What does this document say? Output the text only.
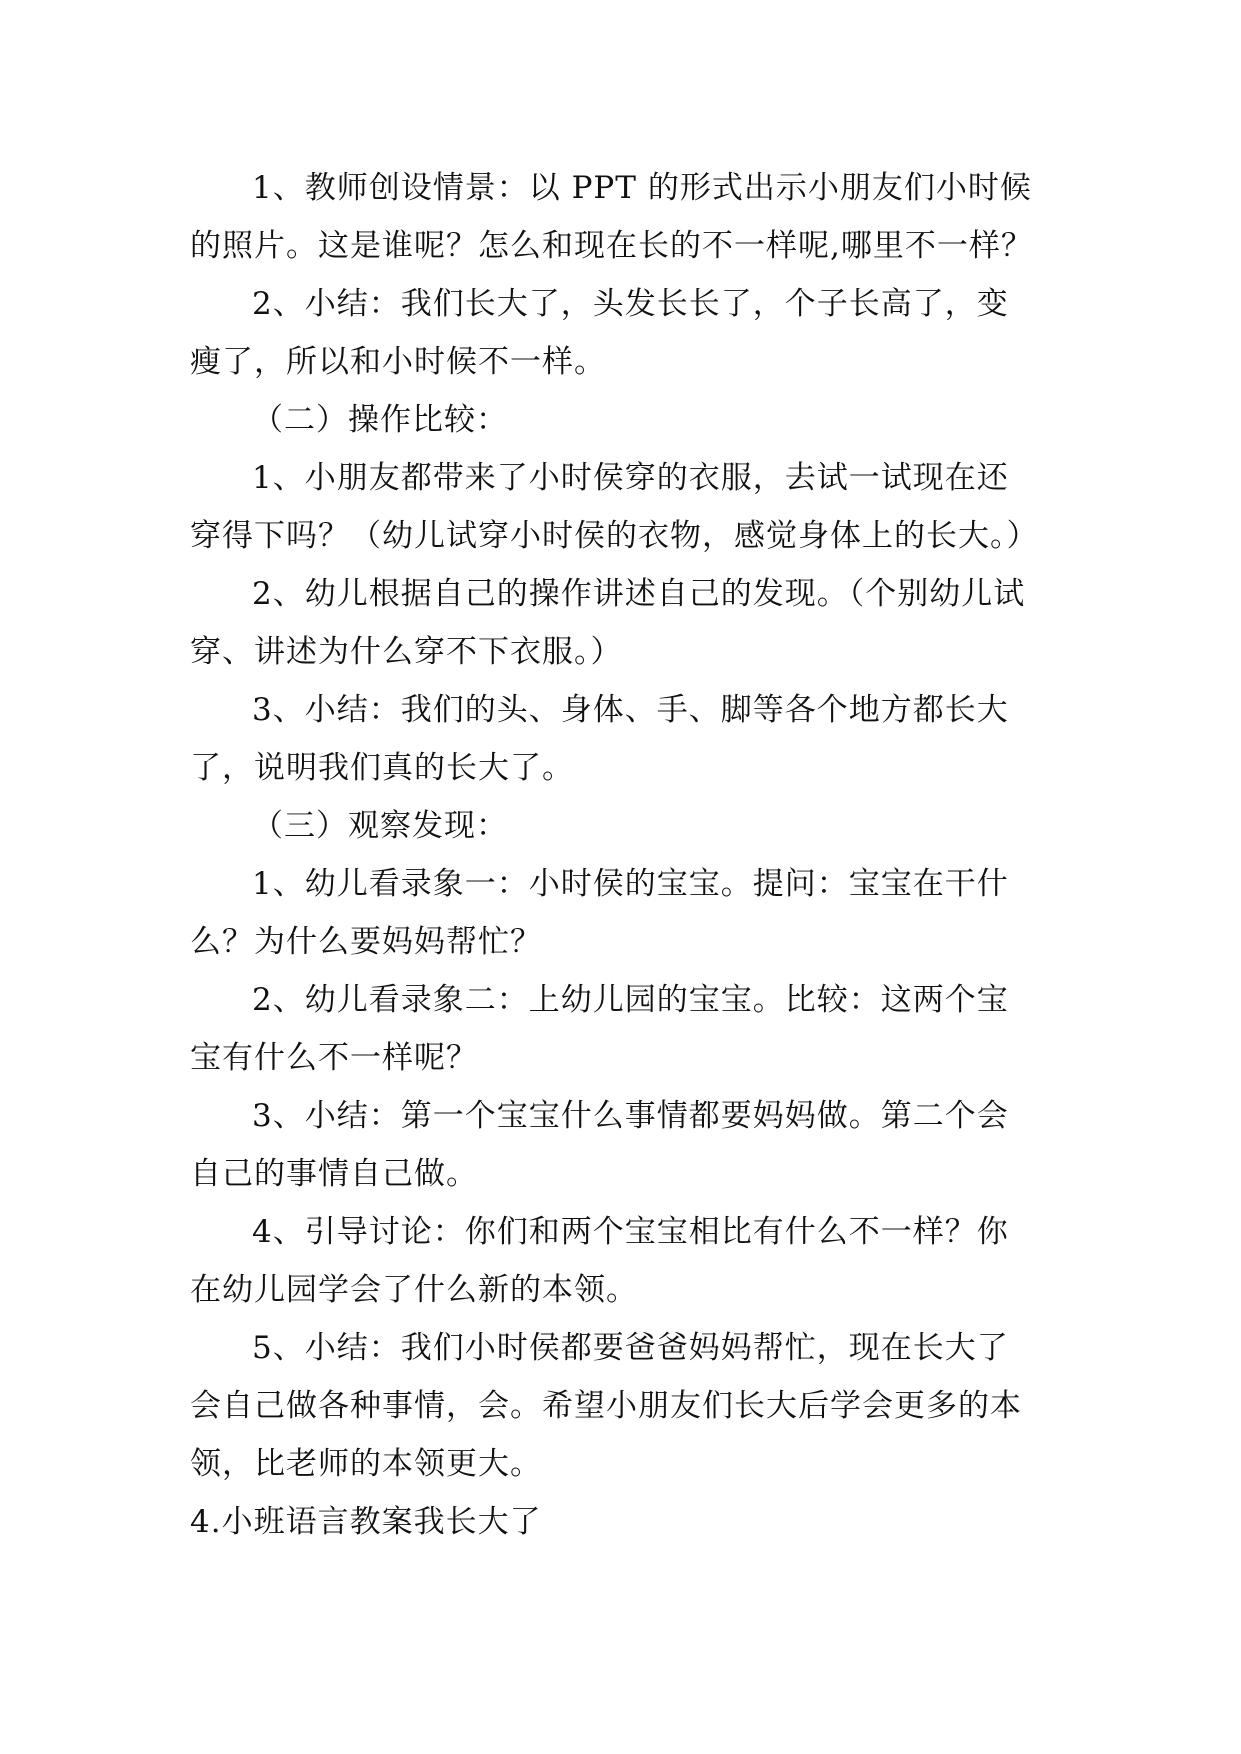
1、教师创设情景：以 PPT 的形式出示小朋友们小时候
的照片。这是谁呢？怎么和现在长的不一样呢,哪里不一样？
2、小结：我们长大了，头发长长了，个子长高了，变
瘦了，所以和小时候不一样。
（二）操作比较：
1、小朋友都带来了小时侯穿的衣服，去试一试现在还
穿得下吗？（幼儿试穿小时侯的衣物，感觉身体上的长大。）
2、幼儿根据自己的操作讲述自己的发现。（个别幼儿试
穿、讲述为什么穿不下衣服。）
3、小结：我们的头、身体、手、脚等各个地方都长大
了，说明我们真的长大了。
（三）观察发现：
1、幼儿看录象一：小时侯的宝宝。提问：宝宝在干什
么？为什么要妈妈帮忙？
2、幼儿看录象二：上幼儿园的宝宝。比较：这两个宝
宝有什么不一样呢？
3、小结：第一个宝宝什么事情都要妈妈做。第二个会
自己的事情自己做。
4、引导讨论：你们和两个宝宝相比有什么不一样？你
在幼儿园学会了什么新的本领。
5、小结：我们小时侯都要爸爸妈妈帮忙，现在长大了
会自己做各种事情，会。希望小朋友们长大后学会更多的本
领，比老师的本领更大。
4.小班语言教案我长大了
